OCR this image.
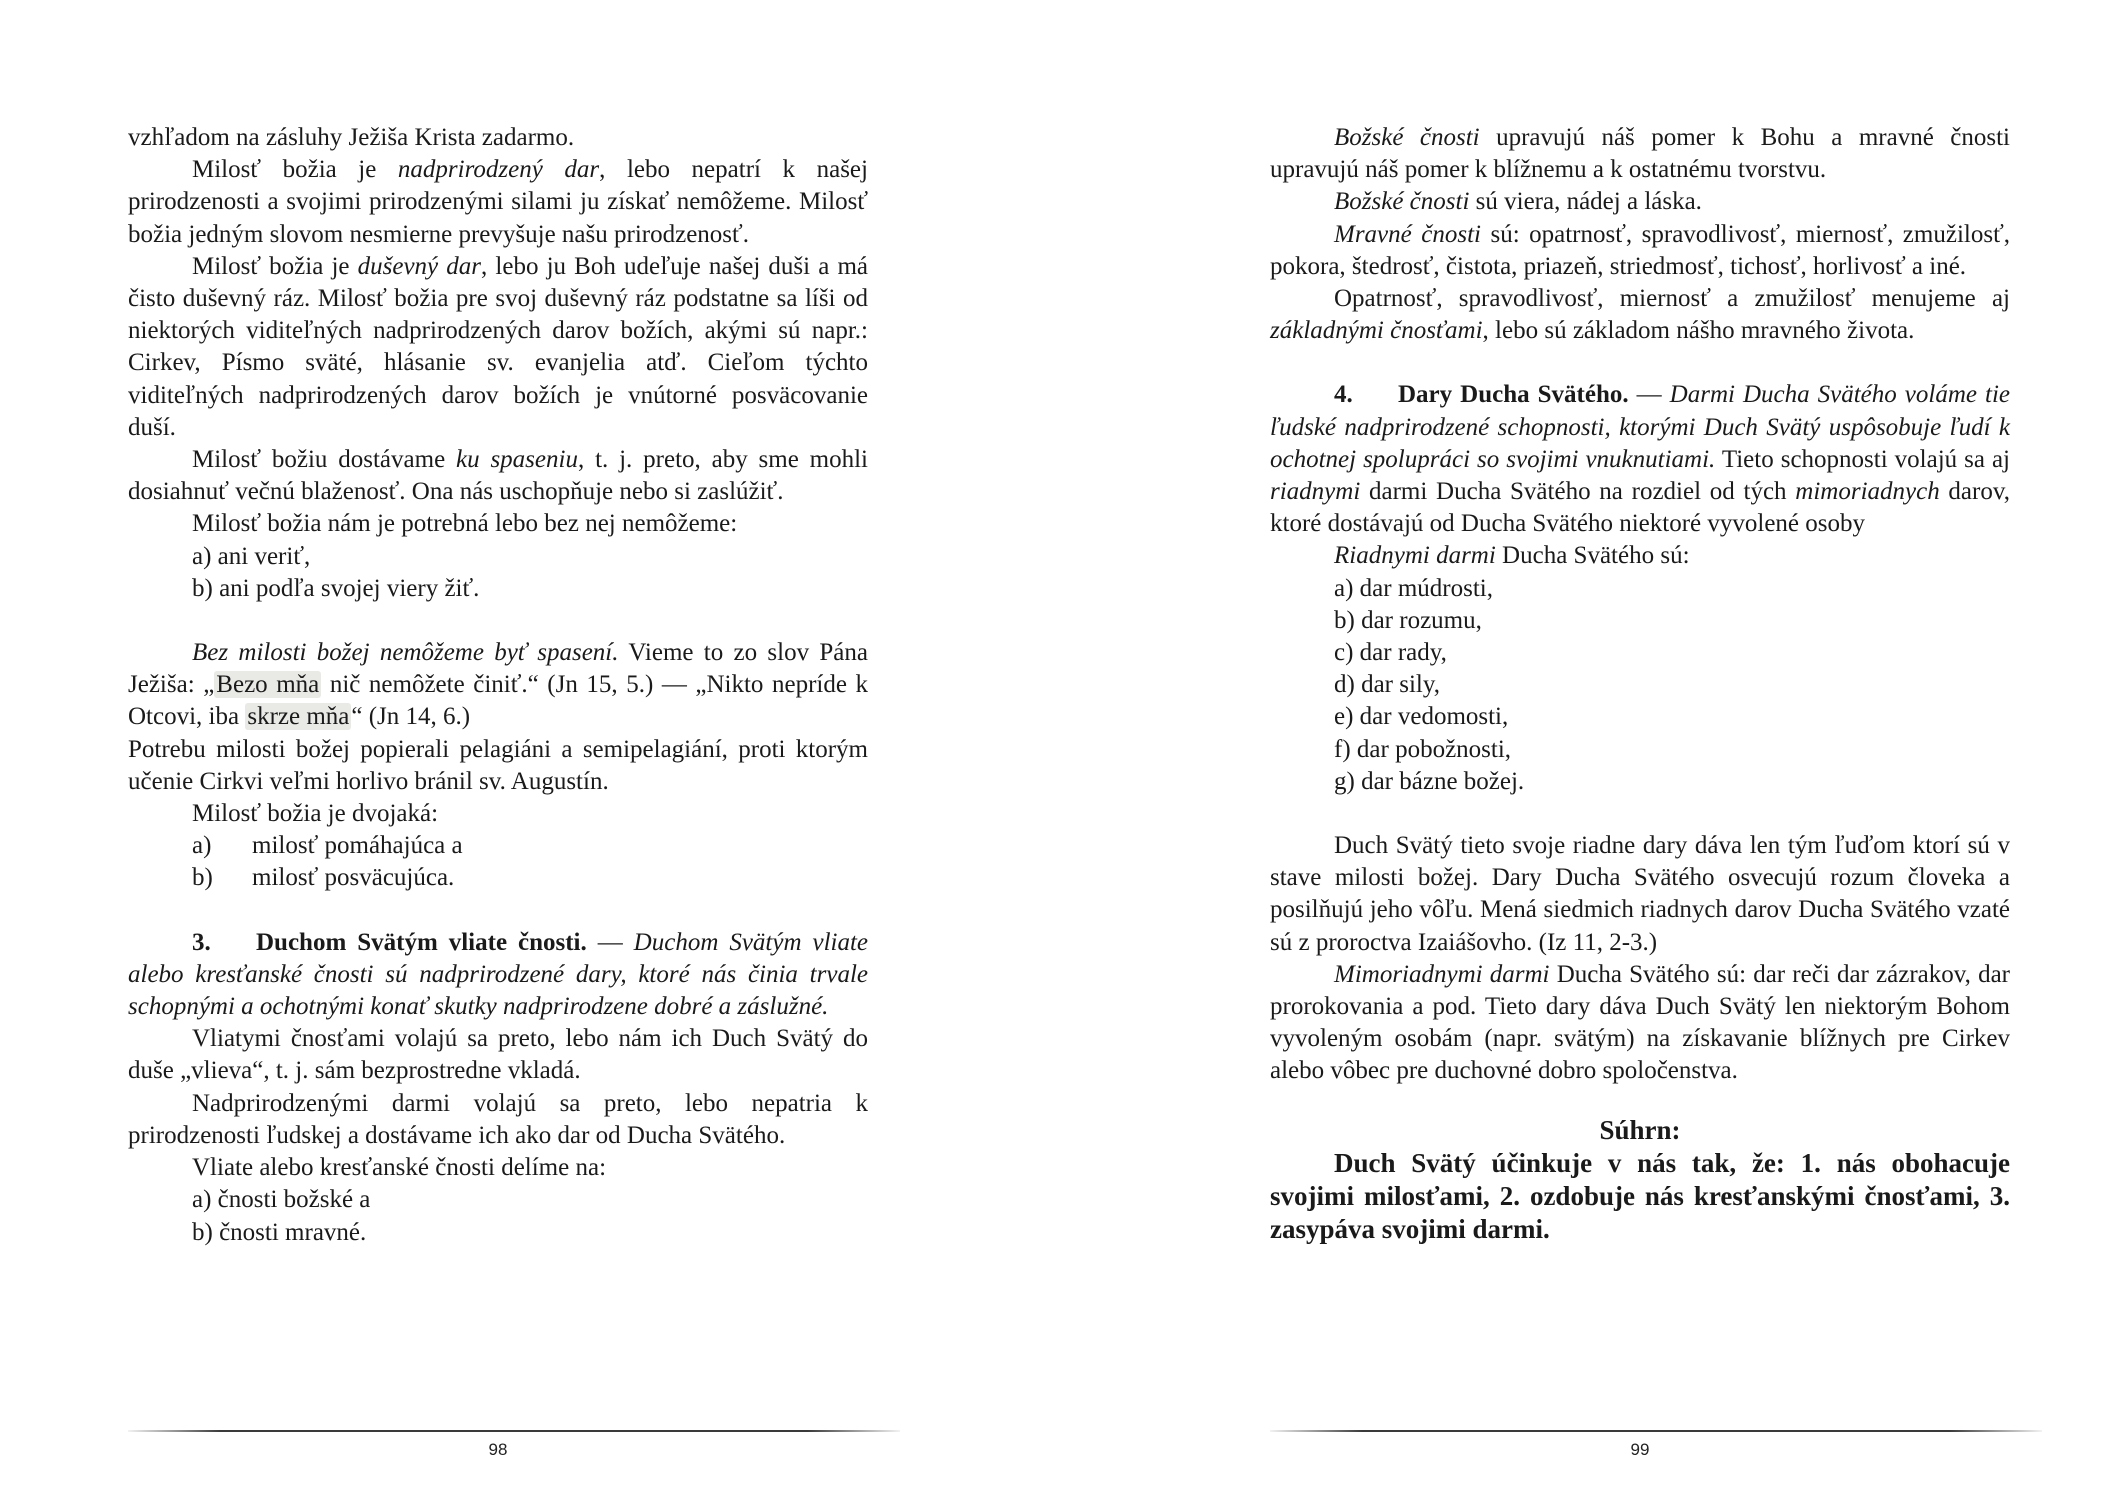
vzhľadom na zásluhy Ježiša Krista zadarmo.

Milosť božia je nadprirodzený dar, lebo nepatrí k našej prirodzenosti a svojimi prirodzenými silami ju získať nemôžeme. Milosť božia jedným slovom nesmierne prevyšuje našu prirodzenosť.

Milosť božia je duševný dar, lebo ju Boh udeľuje našej duši a má čisto duševný ráz. Milosť božia pre svoj duševný ráz podstatne sa líši od niektorých viditeľných nadprirodzených darov božích, akými sú napr.: Cirkev, Písmo sväté, hlásanie sv. evanjelia atď. Cieľom týchto viditeľných nadprirodzených darov božích je vnútorné posväcovanie duší.

Milosť božiu dostávame ku spaseniu, t. j. preto, aby sme mohli dosiahnuť večnú blaženosť. Ona nás uschopňuje nebo si zaslúžiť.

Milosť božia nám je potrebná lebo bez nej nemôžeme:

a) ani veriť,

b) ani podľa svojej viery žiť.

Bez milosti božej nemôžeme byť spasení. Vieme to zo slov Pána Ježiša: „Bezo mňa nič nemôžete činiť.“ (Jn 15, 5.) — „Nikto nepríde k Otcovi, iba skrze mňa“ (Jn 14, 6.)

Potrebu milosti božej popierali pelagiáni a semipelagiání, proti ktorým učenie Cirkvi veľmi horlivo bránil sv. Augustín.

Milosť božia je dvojaká:

a) milosť pomáhajúca a

b) milosť posväcujúca.

3. Duchom Svätým vliate čnosti. — Duchom Svätým vliate alebo kresťanské čnosti sú nadprirodzené dary, ktoré nás činia trvale schopnými a ochotnými konať skutky nadprirodzene dobré a záslužné.

Vliatymi čnosťami volajú sa preto, lebo nám ich Duch Svätý do duše „vlieva“, t. j. sám bezprostredne vkladá.

Nadprirodzenými darmi volajú sa preto, lebo nepatria k prirodzenosti ľudskej a dostávame ich ako dar od Ducha Svätého.

Vliate alebo kresťanské čnosti delíme na:

a) čnosti božské a

b) čnosti mravné.

98

Božské čnosti upravujú náš pomer k Bohu a mravné čnosti upravujú náš pomer k blížnemu a k ostatnému tvorstvu.

Božské čnosti sú viera, nádej a láska.

Mravné čnosti sú: opatrnosť, spravodlivosť, miernosť, zmužilosť, pokora, štedrosť, čistota, priazeň, striedmosť, tichosť, horlivosť a iné.

Opatrnosť, spravodlivosť, miernosť a zmužilosť menujeme aj základnými čnosťami, lebo sú základom nášho mravného života.

4. Dary Ducha Svätého. — Darmi Ducha Svätého voláme tie ľudské nadprirodzené schopnosti, ktorými Duch Svätý uspôsobuje ľudí k ochotnej spolupráci so svojimi vnuknutiami. Tieto schopnosti volajú sa aj riadnymi darmi Ducha Svätého na rozdiel od tých mimoriadnych darov, ktoré dostávajú od Ducha Svätého niektoré vyvolené osoby

Riadnymi darmi Ducha Svätého sú:

a) dar múdrosti,

b) dar rozumu,

c) dar rady,

d) dar sily,

e) dar vedomosti,

f) dar pobožnosti,

g) dar bázne božej.

Duch Svätý tieto svoje riadne dary dáva len tým ľuďom ktorí sú v stave milosti božej. Dary Ducha Svätého osvecujú rozum človeka a posilňujú jeho vôľu. Mená siedmich riadnych darov Ducha Svätého vzaté sú z proroctva Izaiášovho. (Iz 11, 2-3.)

Mimoriadnymi darmi Ducha Svätého sú: dar reči dar zázrakov, dar prorokovania a pod. Tieto dary dáva Duch Svätý len niektorým Bohom vyvoleným osobám (napr. svätým) na získavanie blížnych pre Cirkev alebo vôbec pre duchovné dobro spoločenstva.

Súhrn:

Duch Svätý účinkuje v nás tak, že: 1. nás obohacuje svojimi milosťami, 2. ozdobuje nás kresťanskými čnosťami, 3. zasypáva svojimi darmi.

99
